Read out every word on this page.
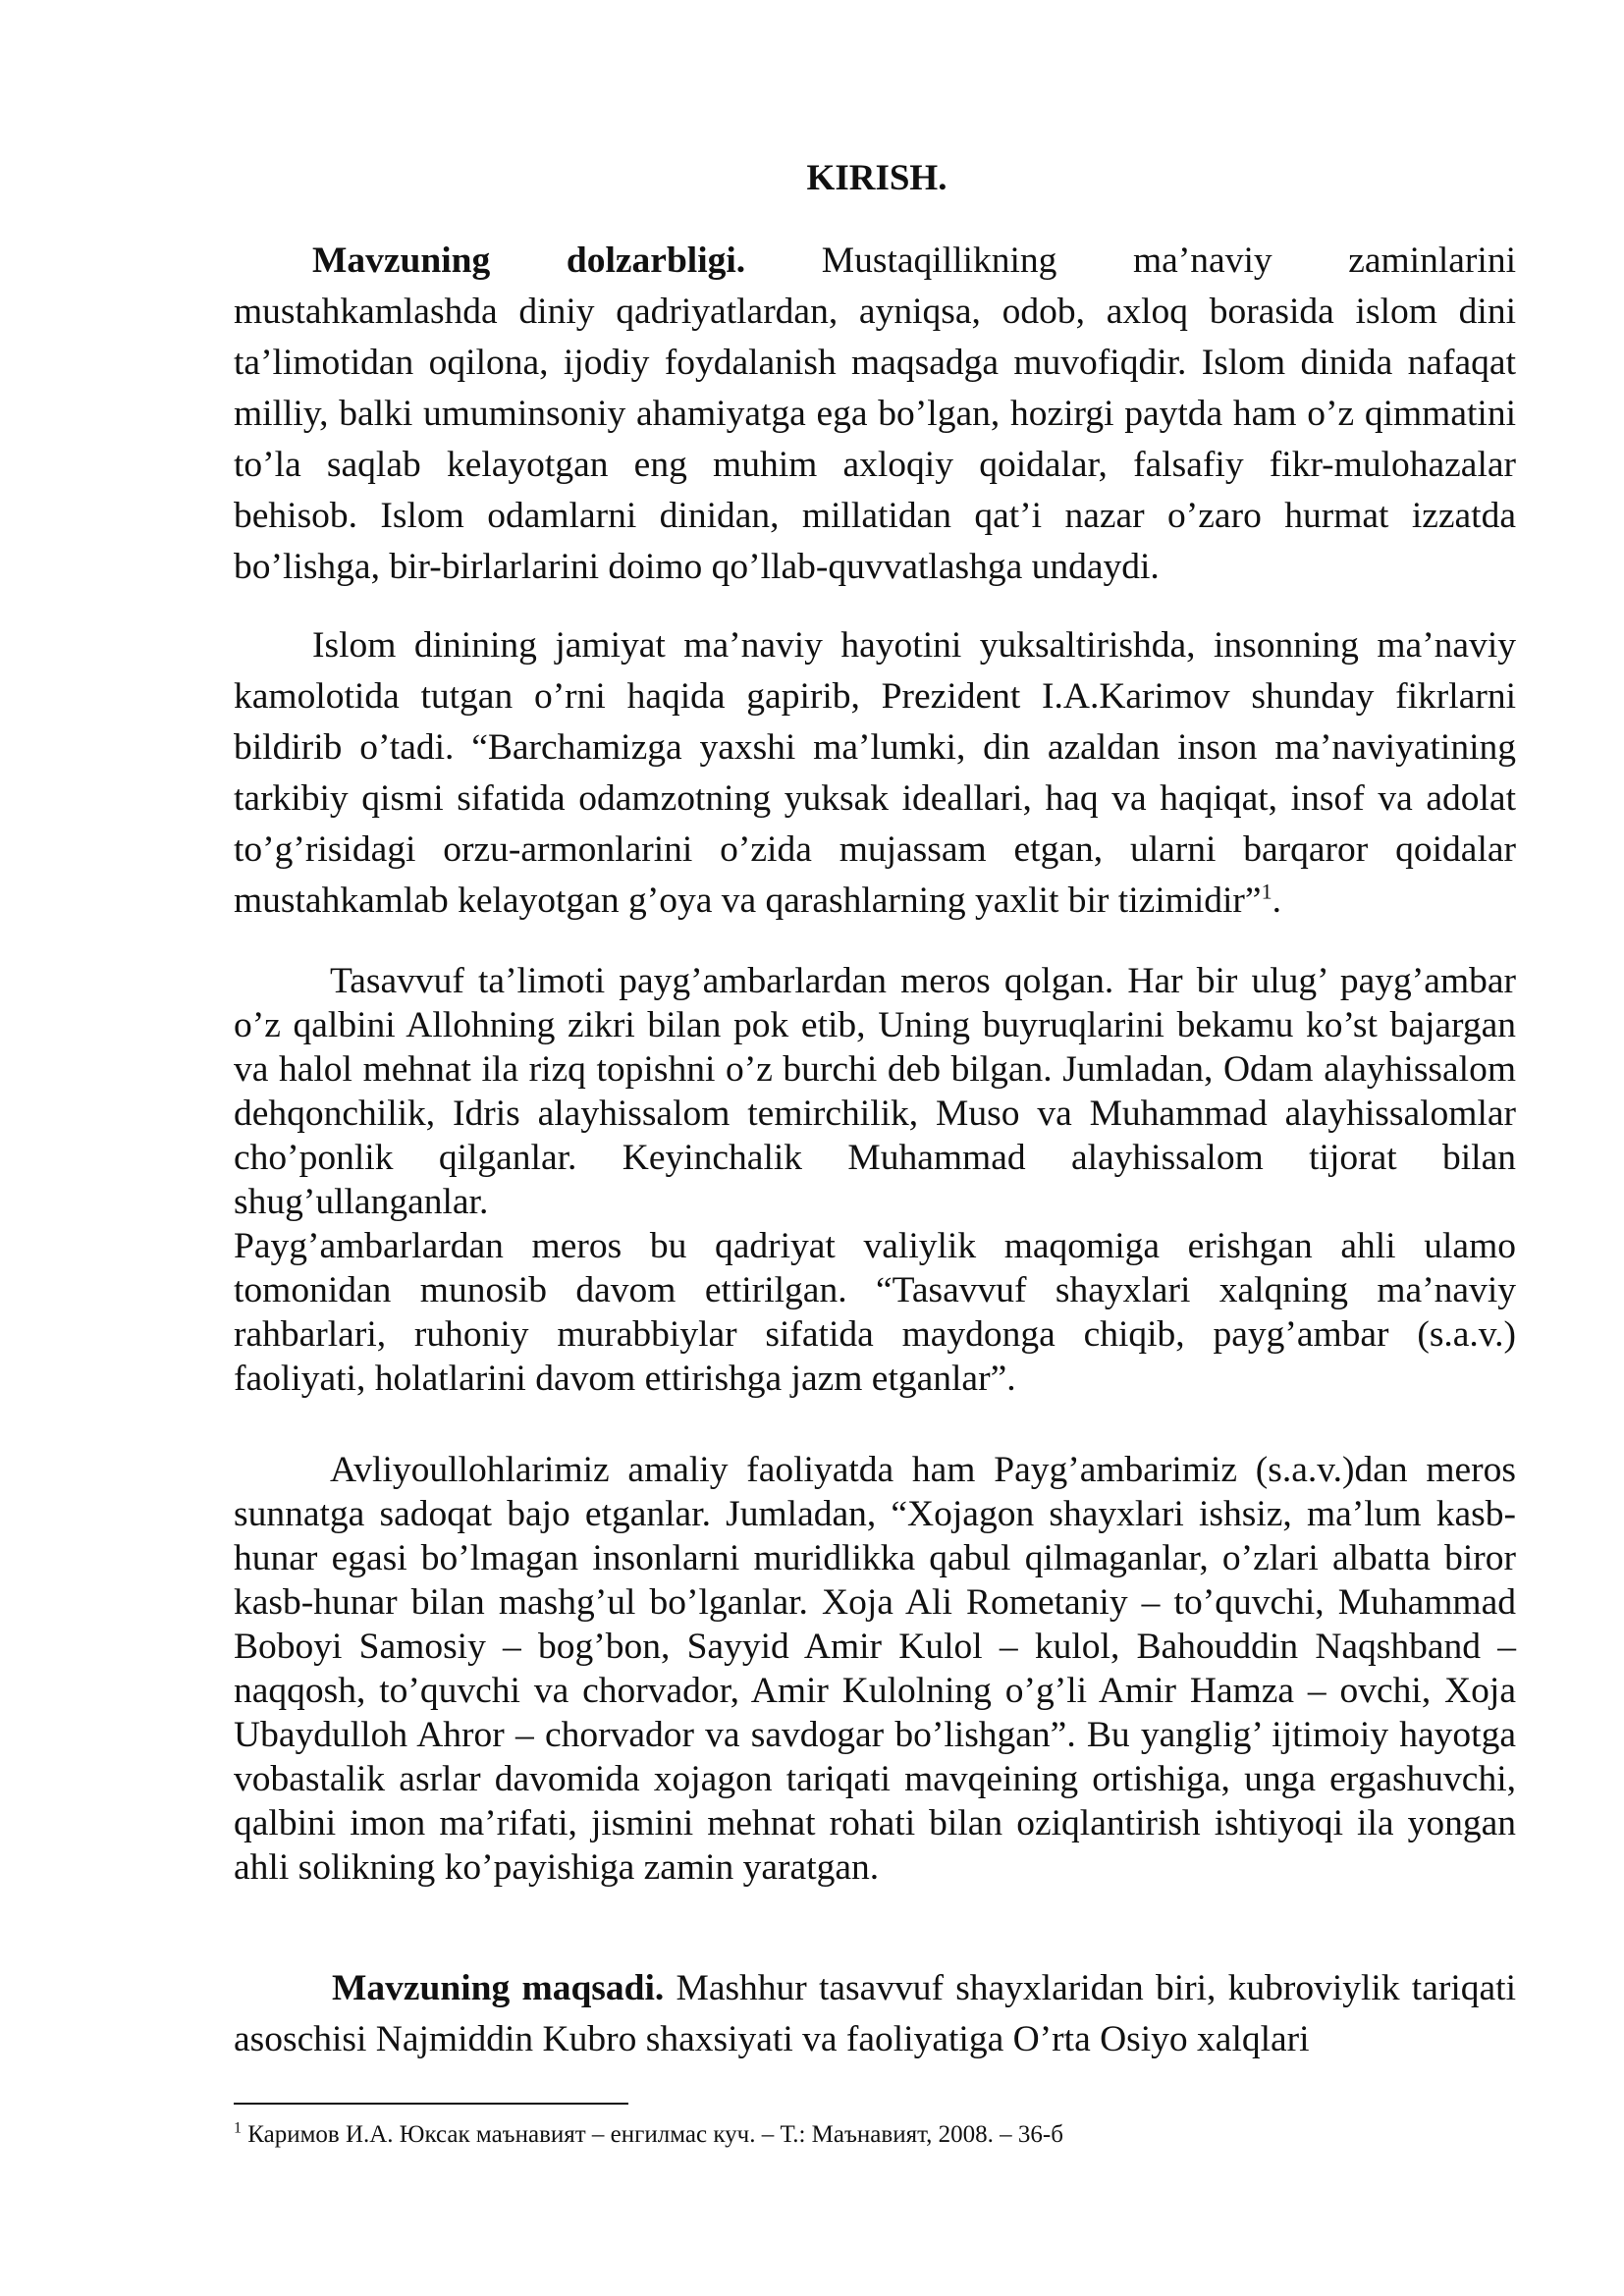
KIRISH.

Mavzuning dolzarbligi. Mustaqillikning ma’naviy zaminlarini mustahkamlashda diniy qadriyatlardan, ayniqsa, odob, axloq borasida islom dini ta’limotidan oqilona, ijodiy foydalanish maqsadga muvofiqdir. Islom dinida nafaqat milliy, balki umuminsoniy ahamiyatga ega bo’lgan, hozirgi paytda ham o’z qimmatini to’la saqlab kelayotgan eng muhim axloqiy qoidalar, falsafiy fikr-mulohazalar behisob. Islom odamlarni dinidan, millatidan qat’i nazar o’zaro hurmat izzatda bo’lishga, bir-birlarlarini doimo qo’llab-quvvatlashga undaydi.

Islom dinining jamiyat ma’naviy hayotini yuksaltirishda, insonning ma’naviy kamolotida tutgan o’rni haqida gapirib, Prezident I.A.Karimov shunday fikrlarni bildirib o’tadi. “Barchamizga yaxshi ma’lumki, din azaldan inson ma’naviyatining tarkibiy qismi sifatida odamzotning yuksak ideallari, haq va haqiqat, insof va adolat to’g’risidagi orzu-armonlarini o’zida mujassam etgan, ularni barqaror qoidalar mustahkamlab kelayotgan g’oya va qarashlarning yaxlit bir tizimidir”$^1$.

Tasavvuf ta’limoti payg’ambarlardan meros qolgan. Har bir ulug’ payg’ambar o’z qalbini Allohning zikri bilan pok etib, Uning buyruqlarini bekamu ko’st bajargan va halol mehnat ila rizq topishni o’z burchi deb bilgan. Jumladan, Odam alayhissalom dehqonchilik, Idris alayhissalom temirchilik, Muso va Muhammad alayhissalomlar cho’ponlik qilganlar. Keyinchalik Muhammad alayhissalom tijorat bilan shug’ullanganlar.

Payg’ambarlardan meros bu qadriyat valiylik maqomiga erishgan ahli ulamo tomonidan munosib davom ettirilgan. “Tasavvuf shayxlari xalqning ma’naviy rahbarlari, ruhoniy murabbiylar sifatida maydonga chiqib, payg’ambar (s.a.v.) faoliyati, holatlarini davom ettirishga jazm etganlar”.

Avliyoullohlarimiz amaliy faoliyatda ham Payg’ambarimiz (s.a.v.)dan meros sunnatga sadoqat bajo etganlar. Jumladan, “Xojagon shayxlari ishsiz, ma’lum kasb-hunar egasi bo’lmagan insonlarni muridlikka qabul qilmaganlar, o’zlari albatta biror kasb-hunar bilan mashg’ul bo’lganlar. Xoja Ali Rometaniy – to’quvchi, Muhammad Boboyi Samosiy – bog’bon, Sayyid Amir Kulol – kulol, Bahouddin Naqshband – naqqosh, to’quvchi va chorvador, Amir Kulolning o’g’li Amir Hamza – ovchi, Xoja Ubaydulloh Ahror – chorvador va savdogar bo’lishgan”. Bu yanglig’ ijtimoiy hayotga vobastalik asrlar davomida xojagon tariqati mavqeining ortishiga, unga ergashuvchi, qalbini imon ma’rifati, jismini mehnat rohati bilan oziqlantirish ishtiyoqi ila yongan ahli solikning ko’payishiga zamin yaratgan.

Mavzuning maqsadi. Mashhur tasavvuf shayxlaridan biri, kubroviylik tariqati asoschisi Najmiddin Kubro shaxsiyati va faoliyatiga O’rta Osiyo xalqlari

$^1$ Каримов И.А. Юксак маънавият – енгилмас куч. – Т.: Маънавият, 2008. – 36-б
